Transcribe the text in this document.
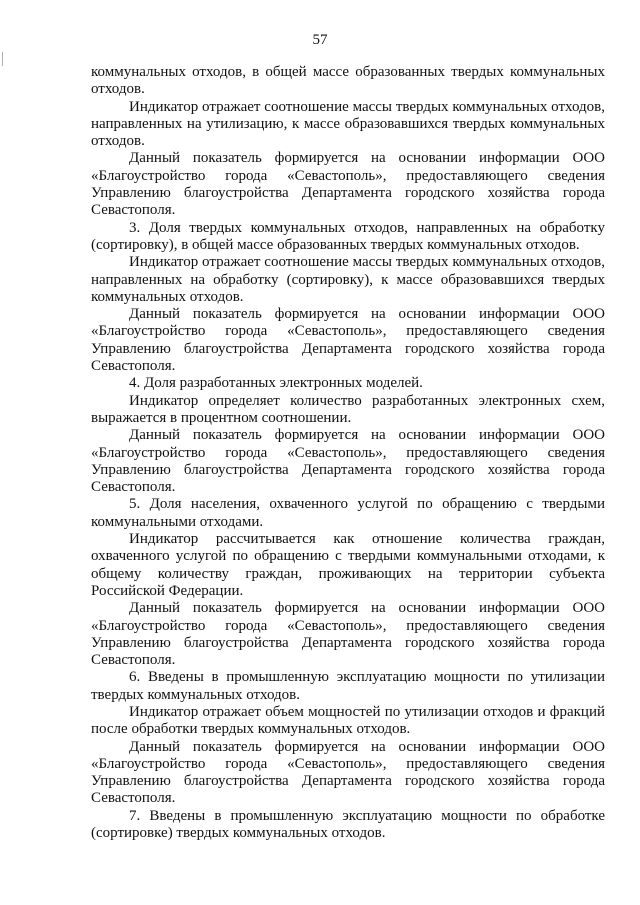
57

коммунальных отходов, в общей массе образованных твердых коммунальных отходов.

Индикатор отражает соотношение массы твердых коммунальных отходов, направленных на утилизацию, к массе образовавшихся твердых коммунальных отходов.

Данный показатель формируется на основании информации ООО «Благоустройство города «Севастополь», предоставляющего сведения Управлению благоустройства Департамента городского хозяйства города Севастополя.

3. Доля твердых коммунальных отходов, направленных на обработку (сортировку), в общей массе образованных твердых коммунальных отходов.

Индикатор отражает соотношение массы твердых коммунальных отходов, направленных на обработку (сортировку), к массе образовавшихся твердых коммунальных отходов.

Данный показатель формируется на основании информации ООО «Благоустройство города «Севастополь», предоставляющего сведения Управлению благоустройства Департамента городского хозяйства города Севастополя.

4. Доля разработанных электронных моделей.

Индикатор определяет количество разработанных электронных схем, выражается в процентном соотношении.

Данный показатель формируется на основании информации ООО «Благоустройство города «Севастополь», предоставляющего сведения Управлению благоустройства Департамента городского хозяйства города Севастополя.

5. Доля населения, охваченного услугой по обращению с твердыми коммунальными отходами.

Индикатор рассчитывается как отношение количества граждан, охваченного услугой по обращению с твердыми коммунальными отходами, к общему количеству граждан, проживающих на территории субъекта Российской Федерации.

Данный показатель формируется на основании информации ООО «Благоустройство города «Севастополь», предоставляющего сведения Управлению благоустройства Департамента городского хозяйства города Севастополя.

6. Введены в промышленную эксплуатацию мощности по утилизации твердых коммунальных отходов.

Индикатор отражает объем мощностей по утилизации отходов и фракций после обработки твердых коммунальных отходов.

Данный показатель формируется на основании информации ООО «Благоустройство города «Севастополь», предоставляющего сведения Управлению благоустройства Департамента городского хозяйства города Севастополя.

7. Введены в промышленную эксплуатацию мощности по обработке (сортировке) твердых коммунальных отходов.
